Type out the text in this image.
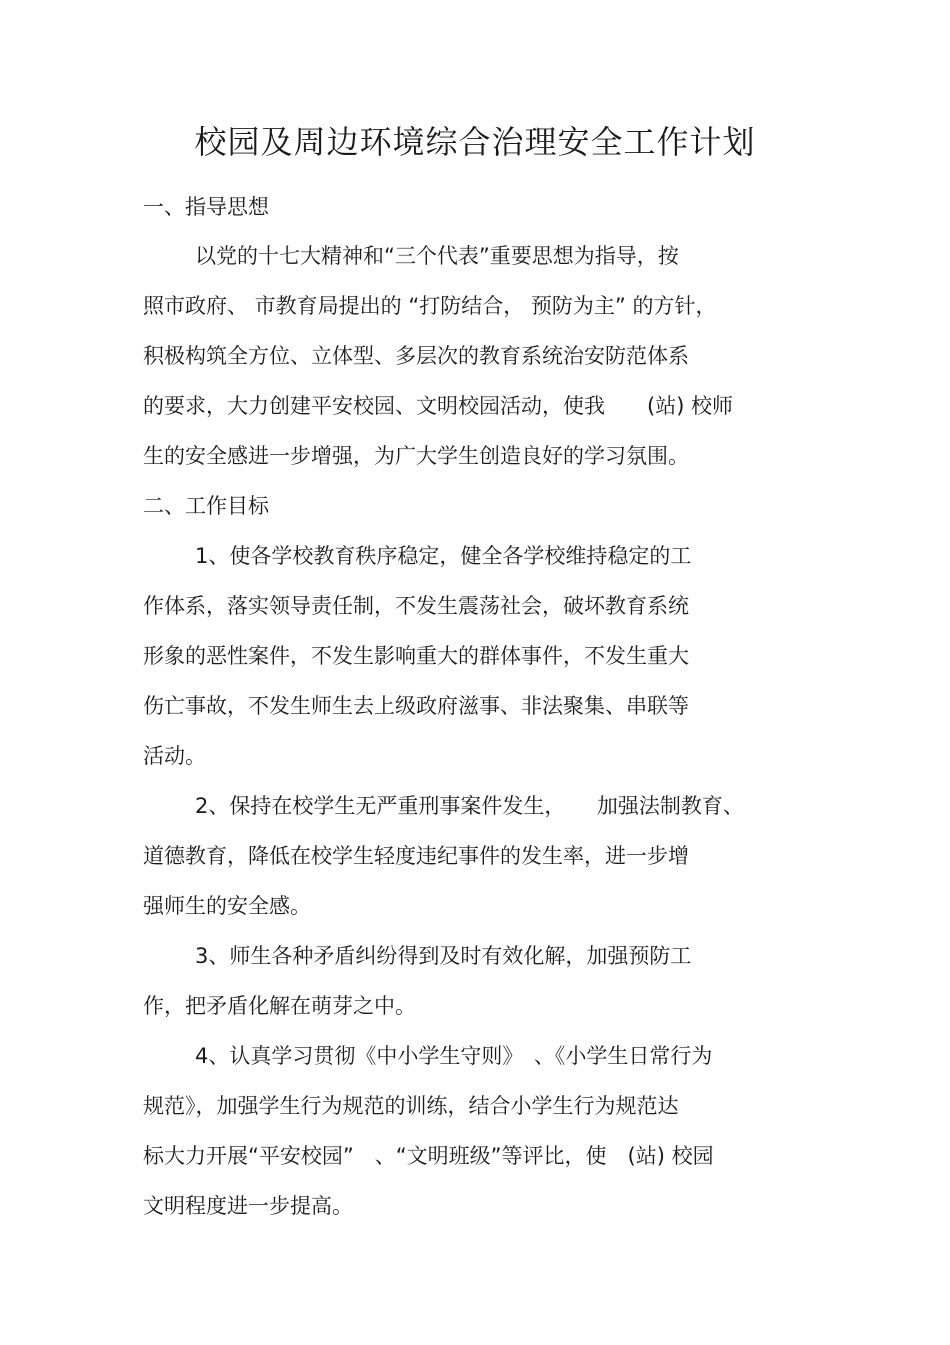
校园及周边环境综合治理安全工作计划
一、指导思想
以党的十七大精神和“三个代表”重要思想为指导，按
照市政府、 市教育局提出的 “打防结合， 预防为主” 的方针，
积极构筑全方位、立体型、多层次的教育系统治安防范体系
的要求，大力创建平安校园、文明校园活动，使我　　(站) 校师
生的安全感进一步增强，为广大学生创造良好的学习氛围。
二、工作目标
1、使各学校教育秩序稳定，健全各学校维持稳定的工
作体系，落实领导责任制，不发生震荡社会，破坏教育系统
形象的恶性案件，不发生影响重大的群体事件，不发生重大
伤亡事故，不发生师生去上级政府滋事、非法聚集、串联等
活动。
2、保持在校学生无严重刑事案件发生，　　加强法制教育、
道德教育，降低在校学生轻度违纪事件的发生率，进一步增
强师生的安全感。
3、师生各种矛盾纠纷得到及时有效化解，加强预防工
作，把矛盾化解在萌芽之中。
4、认真学习贯彻《中小学生守则》　、《小学生日常行为
规范》，加强学生行为规范的训练，结合小学生行为规范达
标大力开展“平安校园”　、“文明班级”等评比，使　(站) 校园
文明程度进一步提高。
